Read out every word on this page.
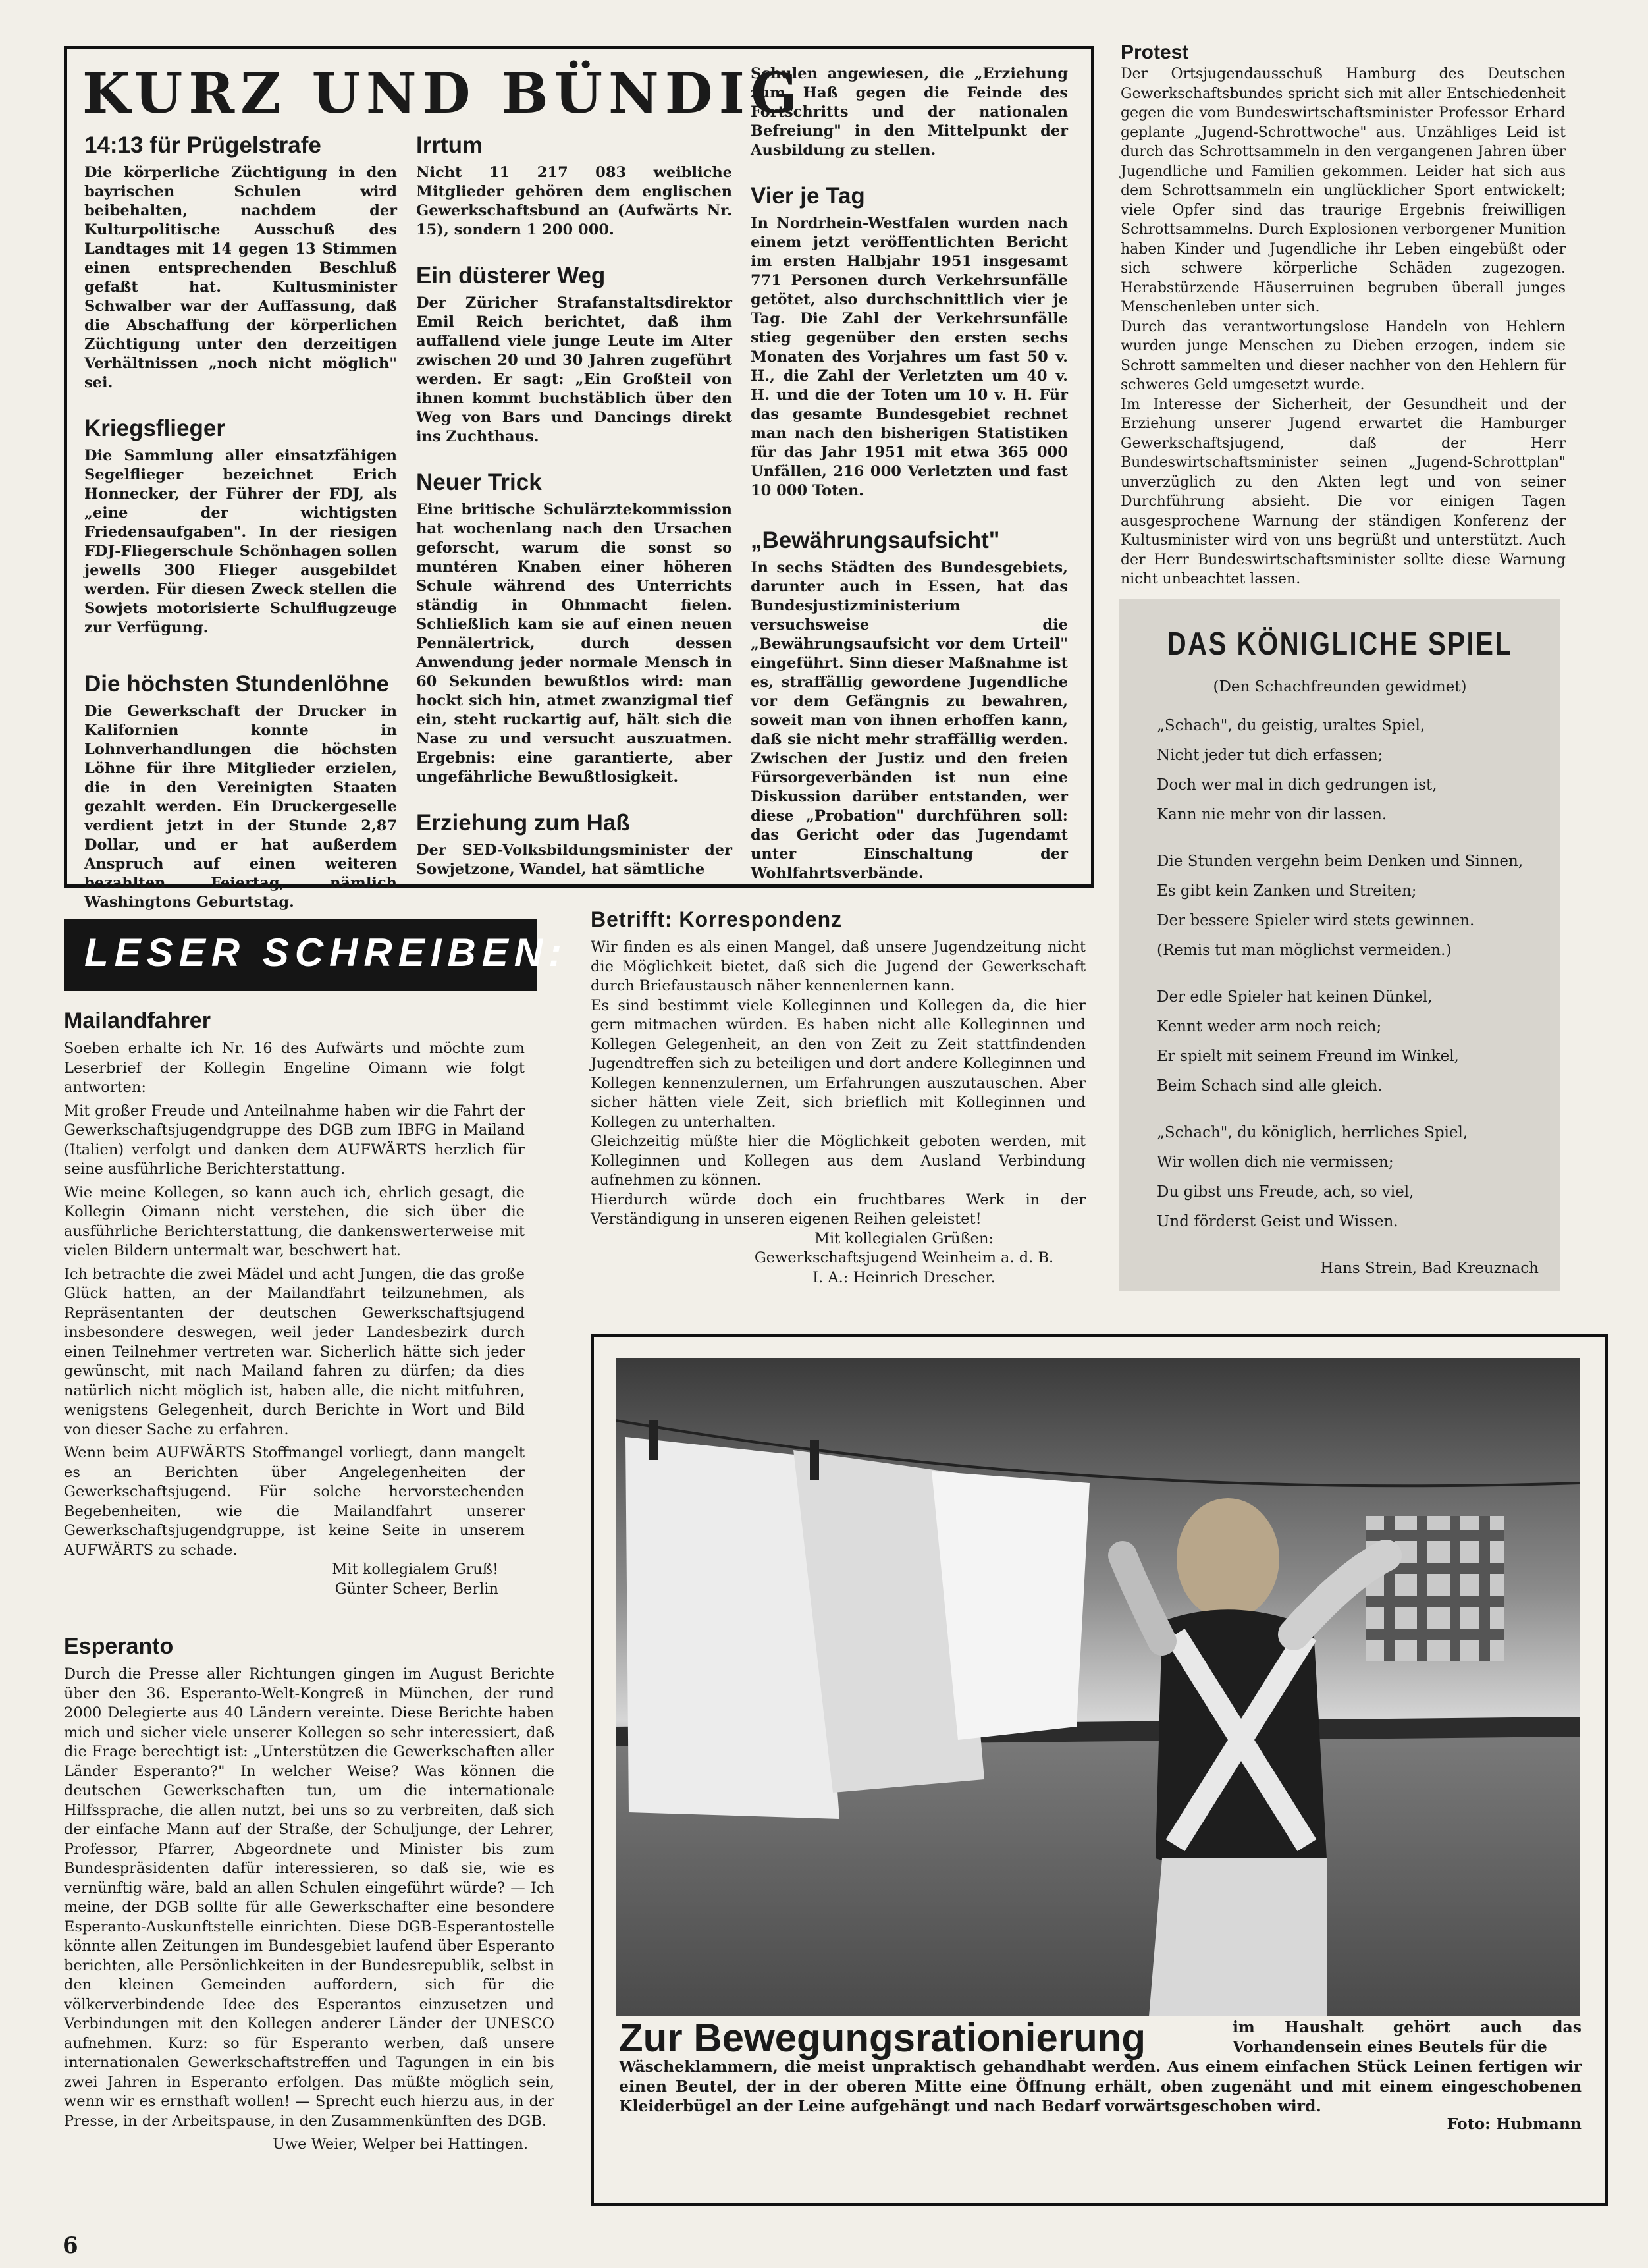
KURZ UND BÜNDIG
14:13 für Prügelstrafe

Die körperliche Züchtigung in den bayrischen Schulen wird beibehalten, nachdem der Kulturpolitische Ausschuß des Landtages mit 14 gegen 13 Stimmen einen entsprechenden Beschluß gefaßt hat. Kultusminister Schwalber war der Auffassung, daß die Abschaffung der körperlichen Züchtigung unter den derzeitigen Verhältnissen „noch nicht möglich" sei.

Kriegsflieger

Die Sammlung aller einsatzfähigen Segelflieger bezeichnet Erich Honnecker, der Führer der FDJ, als „eine der wichtigsten Friedensaufgaben". In der riesigen FDJ-Fliegerschule Schönhagen sollen jewells 300 Flieger ausgebildet werden. Für diesen Zweck stellen die Sowjets motorisierte Schulflugzeuge zur Verfügung.

Die höchsten Stundenlöhne

Die Gewerkschaft der Drucker in Kalifornien konnte in Lohnverhandlungen die höchsten Löhne für ihre Mitglieder erzielen, die in den Vereinigten Staaten gezahlt werden. Ein Druckergeselle verdient jetzt in der Stunde 2,87 Dollar, und er hat außerdem Anspruch auf einen weiteren bezahlten Feiertag, nämlich Washingtons Geburtstag.

Irrtum

Nicht 11 217 083 weibliche Mitglieder gehören dem englischen Gewerkschaftsbund an (Aufwärts Nr. 15), sondern 1 200 000.

Ein düsterer Weg

Der Züricher Strafanstaltsdirektor Emil Reich berichtet, daß ihm auffallend viele junge Leute im Alter zwischen 20 und 30 Jahren zugeführt werden. Er sagt: „Ein Großteil von ihnen kommt buchstäblich über den Weg von Bars und Dancings direkt ins Zuchthaus.

Neuer Trick

Eine britische Schulärztekommission hat wochenlang nach den Ursachen geforscht, warum die sonst so muntéren Knaben einer höheren Schule während des Unterrichts ständig in Ohnmacht fielen. Schließlich kam sie auf einen neuen Pennälertrick, durch dessen Anwendung jeder normale Mensch in 60 Sekunden bewußtlos wird: man hockt sich hin, atmet zwanzigmal tief ein, steht ruckartig auf, hält sich die Nase zu und versucht auszuatmen. Ergebnis: eine garantierte, aber ungefährliche Bewußtlosigkeit.

Erziehung zum Haß

Der SED-Volksbildungsminister der Sowjetzone, Wandel, hat sämtliche

Schulen angewiesen, die „Erziehung zum Haß gegen die Feinde des Fortschritts und der nationalen Befreiung" in den Mittelpunkt der Ausbildung zu stellen.

Vier je Tag

In Nordrhein-Westfalen wurden nach einem jetzt veröffentlichten Bericht im ersten Halbjahr 1951 insgesamt 771 Personen durch Verkehrsunfälle getötet, also durchschnittlich vier je Tag. Die Zahl der Verkehrsunfälle stieg gegenüber den ersten sechs Monaten des Vorjahres um fast 50 v. H., die Zahl der Verletzten um 40 v. H. und die der Toten um 10 v. H. Für das gesamte Bundesgebiet rechnet man nach den bisherigen Statistiken für das Jahr 1951 mit etwa 365 000 Unfällen, 216 000 Verletzten und fast 10 000 Toten.

„Bewährungsaufsicht"

In sechs Städten des Bundesgebiets, darunter auch in Essen, hat das Bundesjustizministerium versuchsweise die „Bewährungsaufsicht vor dem Urteil" eingeführt. Sinn dieser Maßnahme ist es, straffällig gewordene Jugendliche vor dem Gefängnis zu bewahren, soweit man von ihnen erhoffen kann, daß sie nicht mehr straffällig werden. Zwischen der Justiz und den freien Fürsorgeverbänden ist nun eine Diskussion darüber entstanden, wer diese „Probation" durchführen soll: das Gericht oder das Jugendamt unter Einschaltung der Wohlfahrtsverbände.

Protest

Der Ortsjugendausschuß Hamburg des Deutschen Gewerkschaftsbundes spricht sich mit aller Entschiedenheit gegen die vom Bundeswirtschaftsminister Professor Erhard geplante „Jugend-Schrottwoche" aus. Unzähliges Leid ist durch das Schrottsammeln in den vergangenen Jahren über Jugendliche und Familien gekommen. Leider hat sich aus dem Schrottsammeln ein unglücklicher Sport entwickelt; viele Opfer sind das traurige Ergebnis freiwilligen Schrottsammelns. Durch Explosionen verborgener Munition haben Kinder und Jugendliche ihr Leben eingebüßt oder sich schwere körperliche Schäden zugezogen. Herabstürzende Häuserruinen begruben überall junges Menschenleben unter sich.

Durch das verantwortungslose Handeln von Hehlern wurden junge Menschen zu Dieben erzogen, indem sie Schrott sammelten und dieser nachher von den Hehlern für schweres Geld umgesetzt wurde.

Im Interesse der Sicherheit, der Gesundheit und der Erziehung unserer Jugend erwartet die Hamburger Gewerkschaftsjugend, daß der Herr Bundeswirtschaftsminister seinen „Jugend-Schrottplan" unverzüglich zu den Akten legt und von seiner Durchführung absieht. Die vor einigen Tagen ausgesprochene Warnung der ständigen Konferenz der Kultusminister wird von uns begrüßt und unterstützt. Auch der Herr Bundeswirtschaftsminister sollte diese Warnung nicht unbeachtet lassen.

DAS KÖNIGLICHE SPIEL
(Den Schachfreunden gewidmet)
„Schach", du geistig, uraltes Spiel,
Nicht jeder tut dich erfassen;
Doch wer mal in dich gedrungen ist,
Kann nie mehr von dir lassen.
Die Stunden vergehn beim Denken und Sinnen,
Es gibt kein Zanken und Streiten;
Der bessere Spieler wird stets gewinnen.
(Remis tut man möglichst vermeiden.)
Der edle Spieler hat keinen Dünkel,
Kennt weder arm noch reich;
Er spielt mit seinem Freund im Winkel,
Beim Schach sind alle gleich.
„Schach", du königlich, herrliches Spiel,
Wir wollen dich nie vermissen;
Du gibst uns Freude, ach, so viel,
Und förderst Geist und Wissen.
Hans Strein, Bad Kreuznach
LESER SCHREIBEN:
Mailandfahrer

Soeben erhalte ich Nr. 16 des Aufwärts und möchte zum Leserbrief der Kollegin Engeline Oimann wie folgt antworten:

Mit großer Freude und Anteilnahme haben wir die Fahrt der Gewerkschaftsjugendgruppe des DGB zum IBFG in Mailand (Italien) verfolgt und danken dem AUFWÄRTS herzlich für seine ausführliche Berichterstattung.

Wie meine Kollegen, so kann auch ich, ehrlich gesagt, die Kollegin Oimann nicht verstehen, die sich über die ausführliche Berichterstattung, die dankenswerterweise mit vielen Bildern untermalt war, beschwert hat.

Ich betrachte die zwei Mädel und acht Jungen, die das große Glück hatten, an der Mailandfahrt teilzunehmen, als Repräsentanten der deutschen Gewerkschaftsjugend insbesondere deswegen, weil jeder Landesbezirk durch einen Teilnehmer vertreten war. Sicherlich hätte sich jeder gewünscht, mit nach Mailand fahren zu dürfen; da dies natürlich nicht möglich ist, haben alle, die nicht mitfuhren, wenigstens Gelegenheit, durch Berichte in Wort und Bild von dieser Sache zu erfahren.

Wenn beim AUFWÄRTS Stoffmangel vorliegt, dann mangelt es an Berichten über Angelegenheiten der Gewerkschaftsjugend. Für solche hervorstechenden Begebenheiten, wie die Mailandfahrt unserer Gewerkschaftsjugendgruppe, ist keine Seite in unserem AUFWÄRTS zu schade.

Mit kollegialem Gruß!
Günter Scheer, Berlin
Esperanto

Durch die Presse aller Richtungen gingen im August Berichte über den 36. Esperanto-Welt-Kongreß in München, der rund 2000 Delegierte aus 40 Ländern vereinte. Diese Berichte haben mich und sicher viele unserer Kollegen so sehr interessiert, daß die Frage berechtigt ist: „Unterstützen die Gewerkschaften aller Länder Esperanto?" In welcher Weise? Was können die deutschen Gewerkschaften tun, um die internationale Hilfssprache, die allen nutzt, bei uns so zu verbreiten, daß sich der einfache Mann auf der Straße, der Schuljunge, der Lehrer, Professor, Pfarrer, Abgeordnete und Minister bis zum Bundespräsidenten dafür interessieren, so daß sie, wie es vernünftig wäre, bald an allen Schulen eingeführt würde? — Ich meine, der DGB sollte für alle Gewerkschafter eine besondere Esperanto-Auskunftstelle einrichten. Diese DGB-Esperantostelle könnte allen Zeitungen im Bundesgebiet laufend über Esperanto berichten, alle Persönlichkeiten in der Bundesrepublik, selbst in den kleinen Gemeinden auffordern, sich für die völkerverbindende Idee des Esperantos einzusetzen und Verbindungen mit den Kollegen anderer Länder der UNESCO aufnehmen. Kurz: so für Esperanto werben, daß unsere internationalen Gewerkschaftstreffen und Tagungen in ein bis zwei Jahren in Esperanto erfolgen. Das müßte möglich sein, wenn wir es ernsthaft wollen! — Sprecht euch hierzu aus, in der Presse, in der Arbeitspause, in den Zusammenkünften des DGB.

Uwe Weier, Welper bei Hattingen.
Betrifft: Korrespondenz

Wir finden es als einen Mangel, daß unsere Jugendzeitung nicht die Möglichkeit bietet, daß sich die Jugend der Gewerkschaft durch Briefaustausch näher kennenlernen kann.

Es sind bestimmt viele Kolleginnen und Kollegen da, die hier gern mitmachen würden. Es haben nicht alle Kolleginnen und Kollegen Gelegenheit, an den von Zeit zu Zeit stattfindenden Jugendtreffen sich zu beteiligen und dort andere Kolleginnen und Kollegen kennenzulernen, um Erfahrungen auszutauschen. Aber sicher hätten viele Zeit, sich brieflich mit Kolleginnen und Kollegen zu unterhalten.

Gleichzeitig müßte hier die Möglichkeit geboten werden, mit Kolleginnen und Kollegen aus dem Ausland Verbindung aufnehmen zu können.

Hierdurch würde doch ein fruchtbares Werk in der Verständigung in unseren eigenen Reihen geleistet!

Mit kollegialen Grüßen:
Gewerkschaftsjugend Weinheim a. d. B.
I. A.: Heinrich Drescher.
Zur Bewegungsrationierung	im Haushalt gehört auch das Vorhandensein eines Beutels für die
Wäscheklammern, die meist unpraktisch gehandhabt werden. Aus einem einfachen Stück Leinen fertigen wir einen Beutel, der in der oberen Mitte eine Öffnung erhält, oben zugenäht und mit einem eingeschobenen Kleiderbügel an der Leine aufgehängt und nach Bedarf vorwärtsgeschoben wird.
Foto: Hubmann
6
